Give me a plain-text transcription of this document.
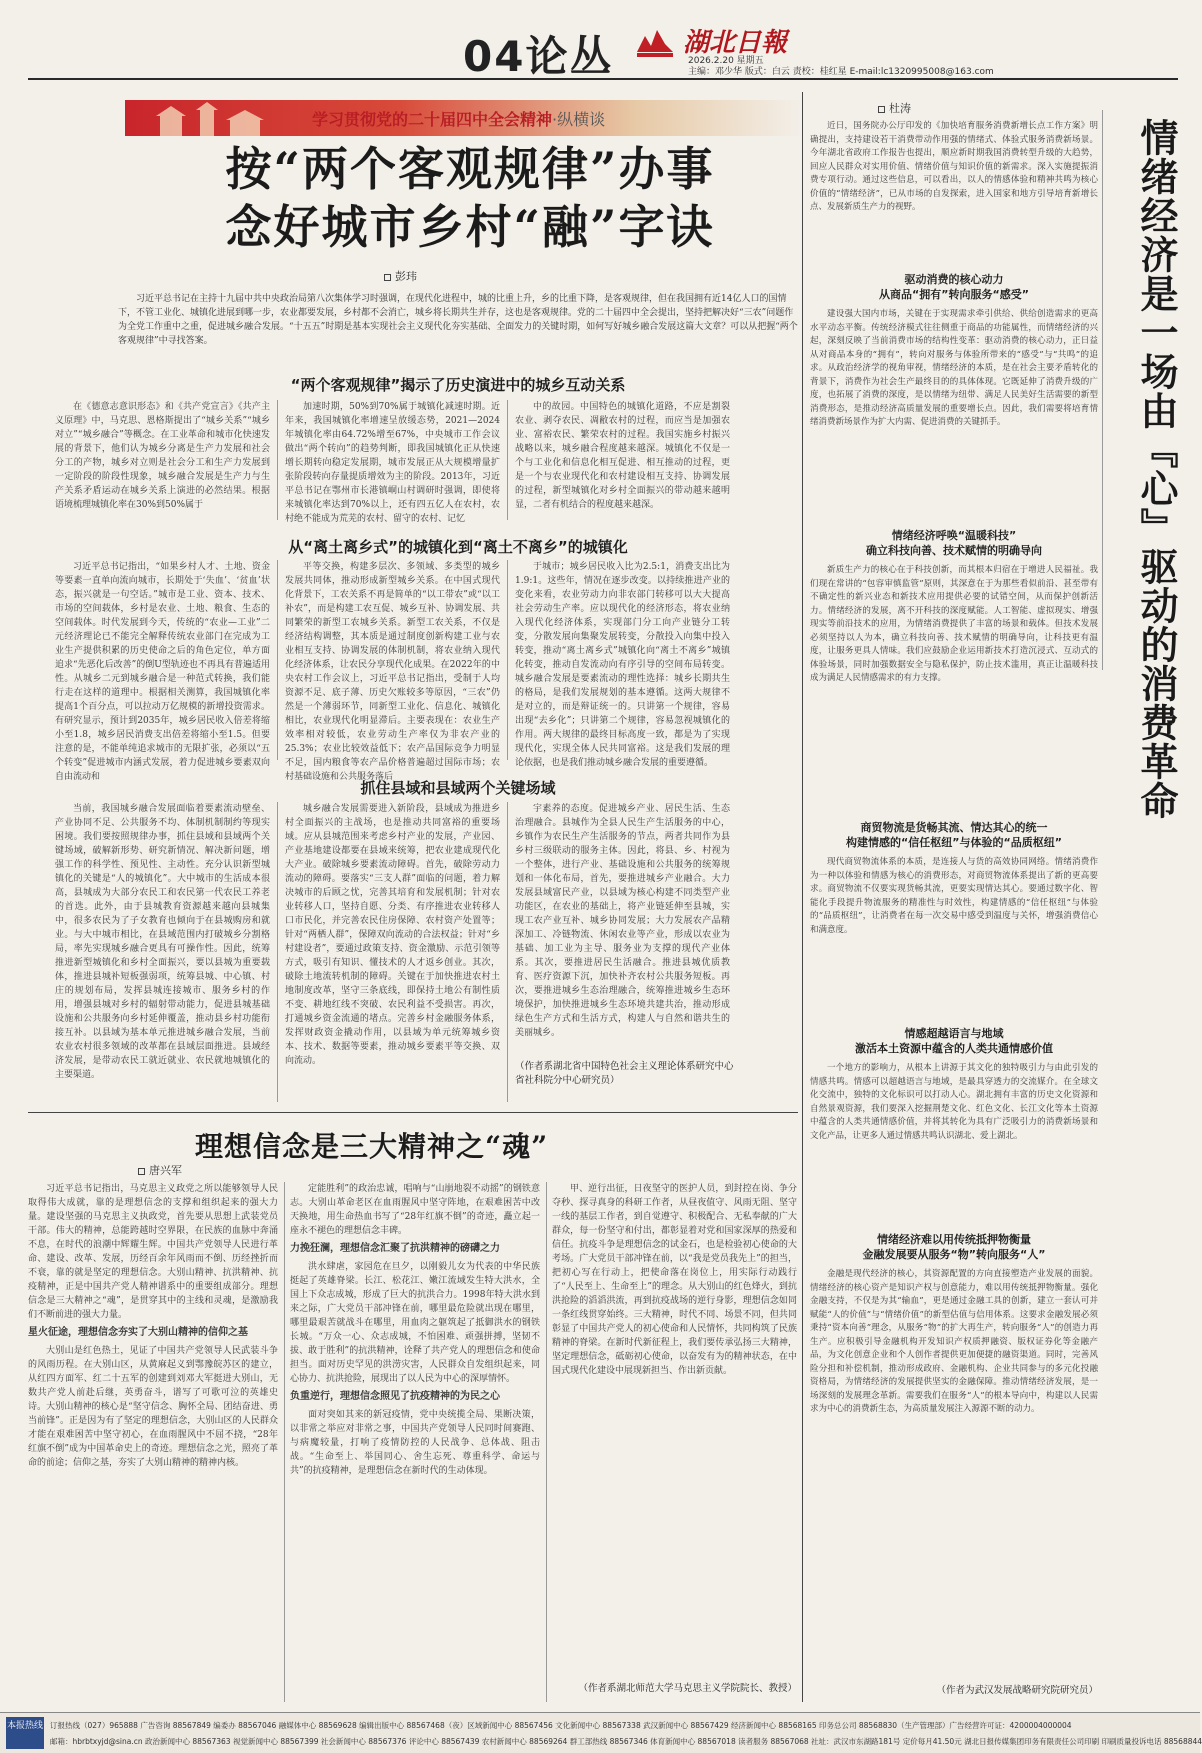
04论丛	湖北日報
2026.2.20 星期五
主编：邓少华 版式：白云 责校：桂红星 E-mail:lc1320995008@163.com
学习贯彻党的二十届四中全会精神·纵横谈
按“两个客观规律”办事
念好城市乡村“融”字诀
彭玮
习近平总书记在主持十九届中共中央政治局第八次集体学习时强调，在现代化进程中，城的比重上升，乡的比重下降，是客观规律，但在我国拥有近14亿人口的国情下，不管工业化、城镇化进展到哪一步，农业都要发展，乡村都不会消亡，城乡将长期共生并存，这也是客观规律。党的二十届四中全会提出，坚持把解决好“三农”问题作为全党工作重中之重，促进城乡融合发展。“十五五”时期是基本实现社会主义现代化夯实基础、全面发力的关键时期，如何写好城乡融合发展这篇大文章？可以从把握“两个客观规律”中寻找答案。
“两个客观规律”揭示了历史演进中的城乡互动关系
在《德意志意识形态》和《共产党宣言》《共产主义原理》中，马克思、恩格斯提出了“城乡关系”“城乡对立”“城乡融合”等概念。在工业革命和城市化快速发展的背景下，他们认为城乡分离是生产力发展和社会分工的产物，城乡对立则是社会分工和生产力发展到一定阶段的阶段性现象，城乡融合发展是生产力与生产关系矛盾运动在城乡关系上演进的必然结果。根据语境梳理城镇化率在30%到50%属于
加速时期，50%到70%属于城镇化减速时期。近年来，我国城镇化率增速呈放缓态势，2021—2024年城镇化率由64.72%增至67%，中央城市工作会议做出“两个转向”的趋势判断，即我国城镇化正从快速增长期转向稳定发展期，城市发展正从大规模增量扩张阶段转向存量提质增效为主的阶段。2013年，习近平总书记在鄂州市长港镇峒山村调研时强调，即使将来城镇化率达到70%以上，还有四五亿人在农村，农村绝不能成为荒芜的农村、留守的农村、记忆
中的故园。中国特色的城镇化道路，不应是割裂农业、剥夺农民、凋敝农村的过程，而应当是加强农业、富裕农民、繁荣农村的过程。我国实施乡村振兴战略以来，城乡融合程度越来越深。城镇化不仅是一个与工业化和信息化相互促进、相互推动的过程，更是一个与农业现代化和农村建设相互支持、协调发展的过程，新型城镇化对乡村全面振兴的带动越来越明显，二者有机结合的程度越来越深。
从“离土离乡式”的城镇化到“离土不离乡”的城镇化
习近平总书记指出，“如果乡村人才、土地、资金等要素一直单向流向城市，长期处于‘失血’、‘贫血’状态，振兴就是一句空话。”城市是工业、资本、技术、市场的空间载体，乡村是农业、土地、粮食、生态的空间载体。时代发展到今天，传统的“农业—工业”二元经济理论已不能完全解释传统农业部门在完成为工业生产提供积累的历史使命之后的角色定位，单方面追求“先恶化后改善”的倒U型轨迹也不再具有普遍适用性。从城乡二元到城乡融合是一种范式转换，我们能行走在这样的道理中。根据相关测算，我国城镇化率提高1个百分点，可以拉动万亿规模的新增投资需求。有研究显示，预计到2035年，城乡居民收入倍差将缩小至1.8，城乡居民消费支出倍差将缩小至1.5。但要注意的是，不能单纯追求城市的无限扩张，必须以“五个转变”促进城市内涵式发展，着力促进城乡要素双向自由流动和
平等交换，构建多层次、多领域、多类型的城乡发展共同体，推动形成新型城乡关系。在中国式现代化背景下，工农关系不再是简单的“以工带农”或“以工补农”，而是构建工农互促、城乡互补、协调发展、共同繁荣的新型工农城乡关系。新型工农关系，不仅是经济结构调整，其本质是通过制度创新构建工业与农业相互支持、协调发展的体制机制，将农业纳入现代化经济体系，让农民分享现代化成果。在2022年的中央农村工作会议上，习近平总书记指出，受制于人均资源不足、底子薄、历史欠账较多等原因，“三农”仍然是一个薄弱环节，同新型工业化、信息化、城镇化相比，农业现代化明显滞后。主要表现在：农业生产效率相对较低，农业劳动生产率仅为非农产业的25.3%；农业比较效益低下；农产品国际竞争力明显不足，国内粮食等农产品价格普遍超过国际市场；农村基础设施和公共服务落后
于城市；城乡居民收入比为2.5:1，消费支出比为1.9:1。这些年，情况在逐步改变。以持续推进产业的变化来看，农业劳动力向非农部门转移可以大大提高社会劳动生产率。应以现代化的经济形态，将农业纳入现代化经济体系，实现部门分工向产业链分工转变，分散发展向集聚发展转变，分散投入向集中投入转变，推动“离土离乡式”城镇化向“离土不离乡”城镇化转变，推动自发流动向有序引导的空间布局转变。城乡融合发展是要素流动的理性选择：城乡长期共生的格局，是我们发展规划的基本遵循。这两大规律不是对立的，而是辩证统一的。只讲第一个规律，容易出现“去乡化”；只讲第二个规律，容易忽视城镇化的作用。两大规律的最终目标高度一致，都是为了实现现代化，实现全体人民共同富裕。这是我们发展的理论依据，也是我们推动城乡融合发展的重要遵循。
抓住县域和县域两个关键场域
当前，我国城乡融合发展面临着要素流动壁垒、产业协同不足、公共服务不均、体制机制制约等现实困境。我们要按照规律办事，抓住县域和县域两个关键场域，破解新形势、研究新情况、解决新问题，增强工作的科学性、预见性、主动性。充分认识新型城镇化的关键是“人的城镇化”。大中城市的生活成本很高，县城成为大部分农民工和农民第一代农民工养老的首选。此外，由于县城教育资源越来越向县城集中，很多农民为了子女教育也倾向于在县城购房和就业。与大中城市相比，在县域范围内打破城乡分割格局，率先实现城乡融合更具有可操作性。因此，统筹推进新型城镇化和乡村全面振兴，要以县城为重要载体，推进县城补短板强弱项，统筹县城、中心镇、村庄的规划布局，发挥县城连接城市、服务乡村的作用，增强县城对乡村的辐射带动能力，促进县城基础设施和公共服务向乡村延伸覆盖，推动县乡村功能衔接互补。以县域为基本单元推进城乡融合发展，当前农业农村很多领域的改革都在县域层面推进。县域经济发展，是带动农民工就近就业、农民就地城镇化的主要渠道。
城乡融合发展需要进入新阶段，县域成为推进乡村全面振兴的主战场，也是推动共同富裕的重要场域。应从县城范围来考虑乡村产业的发展，产业园、产业基地建设都要在县域来统筹，把农业建成现代化大产业。破除城乡要素流动障碍。首先，破除劳动力流动的障碍。要落实“三支人群”面临的问题，着力解决城市的后顾之忧，完善其培育和发展机制；针对农业转移人口，坚持自愿、分类、有序推进农业转移人口市民化，并完善农民住房保障、农村资产处置等；针对“两栖人群”，保障双向流动的合法权益；针对“乡村建设者”，要通过政策支持、资金激励、示范引领等方式，吸引有知识、懂技术的人才返乡创业。其次，破除土地流转机制的障碍。关键在于加快推进农村土地制度改革，坚守三条底线，即保持土地公有制性质不变、耕地红线不突破、农民利益不受损害。再次，打通城乡资金流通的堵点。完善乡村金融服务体系，发挥财政资金撬动作用，以县域为单元统筹城乡资本、技术、数据等要素，推动城乡要素平等交换、双向流动。
宇素养的态度。促进城乡产业、居民生活、生态治理融合。县城作为全县人民生产生活服务的中心，乡镇作为农民生产生活服务的节点，两者共同作为县乡村三级联动的服务主体。因此，将县、乡、村视为一个整体，进行产业、基础设施和公共服务的统筹规划和一体化布局，首先，要推进城乡产业融合。大力发展县域富民产业，以县域为核心构建不同类型产业功能区，在农业的基础上，将产业链延伸至县城，实现工农产业互补、城乡协同发展；大力发展农产品精深加工、冷链物流、休闲农业等产业，形成以农业为基础、加工业为主导、服务业为支撑的现代产业体系。其次，要推进居民生活融合。推进县城优质教育、医疗资源下沉，加快补齐农村公共服务短板。再次，要推进城乡生态治理融合，统筹推进城乡生态环境保护，加快推进城乡生态环境共建共治，推动形成绿色生产方式和生活方式，构建人与自然和谐共生的美丽城乡。
（作者系湖北省中国特色社会主义理论体系研究中心省社科院分中心研究员）
理想信念是三大精神之“魂”
唐兴军
习近平总书记指出，马克思主义政党之所以能够领导人民取得伟大成就，靠的是理想信念的支撑和组织起来的强大力量。建设坚强的马克思主义执政党，首先要从思想上武装党员干部。伟大的精神，总能跨越时空界限，在民族的血脉中奔涌不息，在时代的浪潮中辉耀生辉。中国共产党领导人民进行革命、建设、改革、发展，历经百余年风雨而不倒、历经挫折而不衰，靠的就是坚定的理想信念。大别山精神、抗洪精神、抗疫精神，正是中国共产党人精神谱系中的重要组成部分。理想信念是三大精神之“魂”，是贯穿其中的主线和灵魂，是激励我们不断前进的强大力量。
星火征途，理想信念夯实了大别山精神的信仰之基
大别山是红色热土，见证了中国共产党领导人民武装斗争的风雨历程。在大别山区，从黄麻起义到鄂豫皖苏区的建立，从红四方面军、红二十五军的创建到刘邓大军挺进大别山，无数共产党人前赴后继，英勇奋斗，谱写了可歌可泣的英雄史诗。大别山精神的核心是“坚守信念、胸怀全局、团结奋进、勇当前锋”。正是因为有了坚定的理想信念，大别山区的人民群众才能在艰难困苦中坚守初心，在血雨腥风中不屈不挠，“28年红旗不倒”成为中国革命史上的奇迹。理想信念之光，照亮了革命的前途；信仰之基，夯实了大别山精神的精神内核。
定能胜利”的政治忠诚，唱响与“山崩地裂不动摇”的钢铁意志。大别山革命老区在血雨腥风中坚守阵地，在艰难困苦中改天换地，用生命热血书写了“28年红旗不倒”的奇迹，矗立起一座永不褪色的理想信念丰碑。
力挽狂澜，理想信念汇聚了抗洪精神的磅礴之力
洪水肆虐，家园危在旦夕，以刚毅儿女为代表的中华民族挺起了英雄脊梁。长江、松花江、嫩江流域发生特大洪水，全国上下众志成城，形成了巨大的抗洪合力。1998年特大洪水到来之际，广大党员干部冲锋在前，哪里最危险就出现在哪里，哪里最艰苦就战斗在哪里，用血肉之躯筑起了抵御洪水的钢铁长城。“万众一心、众志成城，不怕困难、顽强拼搏，坚韧不拔、敢于胜利”的抗洪精神，诠释了共产党人的理想信念和使命担当。面对历史罕见的洪涝灾害，人民群众自发组织起来，同心协力、抗洪抢险，展现出了以人民为中心的深厚情怀。
负重逆行，理想信念照见了抗疫精神的为民之心
面对突如其来的新冠疫情，党中央统揽全局、果断决策，以非常之举应对非常之事，中国共产党领导人民同时间赛跑、与病魔较量，打响了疫情防控的人民战争、总体战、阻击战。“生命至上、举国同心、舍生忘死、尊重科学、命运与共”的抗疫精神，是理想信念在新时代的生动体现。
甲、逆行出征，日夜坚守的医护人员，到封控在岗、争分夺秒、探寻真身的科研工作者，从昼夜值守、风雨无阻、坚守一线的基层工作者，到自觉遵守、积极配合、无私奉献的广大群众，每一份坚守和付出，都彰显着对党和国家深厚的热爱和信任。抗疫斗争是理想信念的试金石，也是检验初心使命的大考场。广大党员干部冲锋在前，以“我是党员我先上”的担当，把初心写在行动上，把使命落在岗位上，用实际行动践行了“人民至上、生命至上”的理念。从大别山的红色烽火，到抗洪抢险的滔滔洪流，再到抗疫战场的逆行身影，理想信念如同一条红线贯穿始终。三大精神，时代不同、场景不同，但共同彰显了中国共产党人的初心使命和人民情怀，共同构筑了民族精神的脊梁。在新时代新征程上，我们要传承弘扬三大精神，坚定理想信念，砥砺初心使命，以奋发有为的精神状态，在中国式现代化建设中展现新担当、作出新贡献。
（作者系湖北师范大学马克思主义学院院长、教授）
杜涛
情绪经济是一场由『心』驱动的消费革命
近日，国务院办公厅印发的《加快培育服务消费新增长点工作方案》明确提出，支持建设若干消费带动作用强的情绪式、体验式服务消费新场景。今年湖北省政府工作报告也提出，顺应新时期我国消费转型升级的大趋势，回应人民群众对实用价值、情绪价值与知识价值的新需求。深入实施提振消费专项行动。通过这些信息，可以看出，以人的情感体验和精神共鸣为核心价值的“情绪经济”，已从市场的自发探索，进入国家和地方引导培育新增长点、发展新质生产力的视野。
驱动消费的核心动力
从商品“拥有”转向服务“感受”
建设强大国内市场，关键在于实现需求牵引供给、供给创造需求的更高水平动态平衡。传统经济模式往往侧重于商品的功能属性，而情绪经济的兴起，深刻反映了当前消费市场的结构性变革：驱动消费的核心动力，正日益从对商品本身的“拥有”，转向对服务与体验所带来的“感受”与“共鸣”的追求。从政治经济学的视角审视，情绪经济的本质，是在社会主要矛盾转化的背景下，消费作为社会生产最终目的的具体体现。它既延伸了消费升级的广度，也拓展了消费的深度，是以情绪为纽带、满足人民美好生活需要的新型消费形态，是推动经济高质量发展的重要增长点。因此，我们需要将培育情绪消费新场景作为扩大内需、促进消费的关键抓手。
情绪经济呼唤“温暖科技”
确立科技向善、技术赋情的明确导向
新质生产力的核心在于科技创新，而其根本归宿在于增进人民福祉。我们现在常讲的“包容审慎监管”原则，其深意在于为那些看似前沿、甚至带有不确定性的新兴业态和新技术应用提供必要的试错空间，从而保护创新活力。情绪经济的发展，离不开科技的深度赋能。人工智能、虚拟现实、增强现实等前沿技术的应用，为情绪消费提供了丰富的场景和载体。但技术发展必须坚持以人为本，确立科技向善、技术赋情的明确导向，让科技更有温度，让服务更具人情味。我们应鼓励企业运用新技术打造沉浸式、互动式的体验场景，同时加强数据安全与隐私保护，防止技术滥用，真正让温暖科技成为满足人民情感需求的有力支撑。
商贸物流是货畅其流、情达其心的统一
构建情感的“信任枢纽”与体验的“品质枢纽”
现代商贸物流体系的本质，是连接人与货的高效协同网络。情绪消费作为一种以体验和情感为核心的消费形态，对商贸物流体系提出了新的更高要求。商贸物流不仅要实现货畅其流，更要实现情达其心。要通过数字化、智能化手段提升物流服务的精准性与时效性，构建情感的“信任枢纽”与体验的“品质枢纽”，让消费者在每一次交易中感受到温度与关怀，增强消费信心和满意度。
情感超越语言与地域
激活本土资源中蕴含的人类共通情感价值
一个地方的影响力，从根本上讲源于其文化的独特吸引力与由此引发的情感共鸣。情感可以超越语言与地域，是最具穿透力的交流媒介。在全球文化交流中，独特的文化标识可以打动人心。湖北拥有丰富的历史文化资源和自然景观资源，我们要深入挖掘荆楚文化、红色文化、长江文化等本土资源中蕴含的人类共通情感价值，并将其转化为具有广泛吸引力的消费新场景和文化产品，让更多人通过情感共鸣认识湖北、爱上湖北。
情绪经济难以用传统抵押物衡量
金融发展要从服务“物”转向服务“人”
金融是现代经济的核心，其资源配置的方向直接塑造产业发展的面貌。情绪经济的核心资产是知识产权与创意能力，难以用传统抵押物衡量。强化金融支持，不仅是为其“输血”，更是通过金融工具的创新，建立一套认可并赋能“人的价值”与“情绪价值”的新型估值与信用体系。这要求金融发展必须秉持“资本向善”理念，从服务“物”的扩大再生产，转向服务“人”的创造力再生产。应积极引导金融机构开发知识产权质押融资、版权证券化等金融产品，为文化创意企业和个人创作者提供更加便捷的融资渠道。同时，完善风险分担和补偿机制，推动形成政府、金融机构、企业共同参与的多元化投融资格局，为情绪经济的发展提供坚实的金融保障。推动情绪经济发展，是一场深刻的发展理念革新。需要我们在服务“人”的根本导向中，构建以人民需求为中心的消费新生态，为高质量发展注入源源不断的动力。
（作者为武汉发展战略研究院研究员）
本报热线 订报热线（027）965888 广告咨询 88567849 编委办 88567046 融媒体中心 88569628 编辑出版中心 88567468（夜）区域新闻中心 88567456 文化新闻中心 88567338 武汉新闻中心 88567429 经济新闻中心 88568165 印务总公司 88568830（生产管理部）广告经营许可证：4200004000004
邮箱：hbrbtxyjd@sina.cn 政治新闻中心 88567363 视觉新闻中心 88567399 社会新闻中心 88567376 评论中心 88567439 农村新闻中心 88569264 群工部热线 88567346 体育新闻中心 88567018 读者服务 88567068 社址：武汉市东湖路181号 定价每月41.50元 湖北日报传媒集团印务有限责任公司印刷 印刷质量投诉电话 88568844
